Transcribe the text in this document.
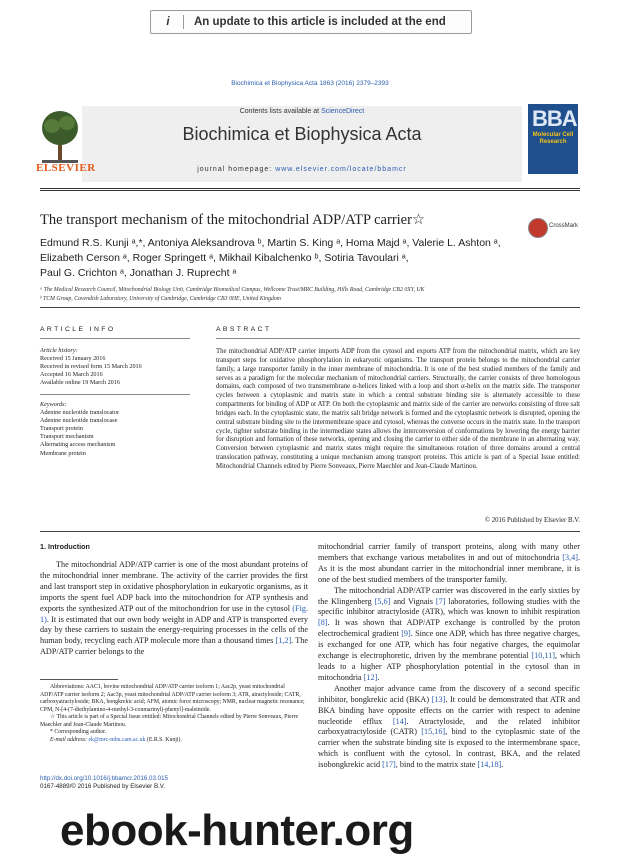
i	An update to this article is included at the end
Biochimica et Biophysica Acta 1863 (2016) 2379–2393
ELSEVIER
Contents lists available at ScienceDirect
Biochimica et Biophysica Acta
journal homepage: www.elsevier.com/locate/bbamcr
BBA
Molecular Cell Research
The transport mechanism of the mitochondrial ADP/ATP carrier☆	CrossMark
Edmund R.S. Kunji ᵃ,*, Antoniya Aleksandrova ᵇ, Martin S. King ᵃ, Homa Majd ᵃ, Valerie L. Ashton ᵃ,
Elizabeth Cerson ᵃ, Roger Springett ᵃ, Mikhail Kibalchenko ᵇ, Sotiria Tavoulari ᵃ,
Paul G. Crichton ᵃ, Jonathan J. Ruprecht ᵃ
ᵃ The Medical Research Council, Mitochondrial Biology Unit, Cambridge Biomedical Campus, Wellcome Trust/MRC Building, Hills Road, Cambridge CB2 0XY, UK
ᵇ TCM Group, Cavendish Laboratory, University of Cambridge, Cambridge CB3 0HE, United Kingdom
ARTICLE INFO
Article history:
Received 15 January 2016
Received in revised form 15 March 2016
Accepted 16 March 2016
Available online 19 March 2016
Keywords:
Adenine nucleotide translocator
Adenine nucleotide translocase
Transport protein
Transport mechanism
Alternating access mechanism
Membrane protein
ABSTRACT
The mitochondrial ADP/ATP carrier imports ADP from the cytosol and exports ATP from the mitochondrial matrix, which are key transport steps for oxidative phosphorylation in eukaryotic organisms. The transport protein belongs to the mitochondrial carrier family, a large transporter family in the inner membrane of mitochondria. It is one of the best studied members of the family and serves as a paradigm for the molecular mechanism of mitochondrial carriers. Structurally, the carrier consists of three homologous domains, each composed of two transmembrane α-helices linked with a loop and short α-helix on the matrix side. The transporter cycles between a cytoplasmic and matrix state in which a central substrate binding site is alternately accessible to these compartments for binding of ADP or ATP. On both the cytoplasmic and matrix side of the carrier are networks consisting of three salt bridges each. In the cytoplasmic state, the matrix salt bridge network is formed and the cytoplasmic network is disrupted, opening the central substrate binding site to the intermembrane space and cytosol, whereas the converse occurs in the matrix state. In the transport cycle, tighter substrate binding in the intermediate states allows the interconversion of conformations by lowering the energy barrier for disruption and formation of these networks, opening and closing the carrier to either side of the membrane in an alternating way. Conversion between cytoplasmic and matrix states might require the simultaneous rotation of three domains around a central translocation pathway, constituting a unique mechanism among transport proteins. This article is part of a Special Issue entitled: Mitochondrial Channels edited by Pierre Sonveaux, Pierre Maechler and Jean-Claude Martinou.
© 2016 Published by Elsevier B.V.
1. Introduction
The mitochondrial ADP/ATP carrier is one of the most abundant proteins of the mitochondrial inner membrane. The activity of the carrier provides the first and last transport step in oxidative phosphorylation in eukaryotic organisms, as it imports the spent fuel ADP back into the mitochondrion for ATP synthesis and exports the synthesized ATP out of the mitochondrion for use in the cytosol (Fig. 1). It is estimated that our own body weight in ADP and ATP is transported every day by these carriers to sustain the energy-requiring processes in the cells of the human body, recycling each ATP molecule more than a thousand times [1,2]. The ADP/ATP carrier belongs to the

mitochondrial carrier family of transport proteins, along with many other members that exchange various metabolites in and out of mitochondria [3,4]. As it is the most abundant carrier in the mitochondrial inner membrane, it is one of the best studied members of the transporter family.

The mitochondrial ADP/ATP carrier was discovered in the early sixties by the Klingenberg [5,6] and Vignais [7] laboratories, following studies with the specific inhibitor atractyloside (ATR), which was known to inhibit respiration [8]. It was shown that ADP/ATP exchange is controlled by the proton electrochemical gradient [9]. Since one ADP, which has three negative charges, is exchanged for one ATP, which has four negative charges, the equimolar exchange is electrophoretic, driven by the membrane potential [10,11], which leads to a higher ATP phosphorylation potential in the cytosol than in mitochondria [12].

Another major advance came from the discovery of a second specific inhibitor, bongkrekic acid (BKA) [13]. It could be demonstrated that ATR and BKA binding have opposite effects on the carrier with respect to adenine nucleotide efflux [14]. Atractyloside, and the related inhibitor carboxyatractyloside (CATR) [15,16], bind to the cytoplasmic state of the carrier when the substrate binding site is exposed to the intermembrane space, which is confluent with the cytosol. In contrast, BKA, and the related isobongkrekic acid [17], bind to the matrix state [14,18].

Abbreviations: AAC1, bovine mitochondrial ADP/ATP carrier isoform 1; Aac2p, yeast mitochondrial ADP/ATP carrier isoform 2; Aac3p, yeast mitochondrial ADP/ATP carrier isoform 3; ATR, atractyloside; CATR, carboxyatractyloside; BKA, bongkrekic acid; AFM, atomic force microscopy; NMR, nuclear magnetic resonance; CPM, N-[4-(7-diethylamino-4-methyl-3-coumarinyl)-phenyl]-maleimide.

☆ This article is part of a Special Issue entitled: Mitochondrial Channels edited by Pierre Sonveaux, Pierre Maechler and Jean-Claude Martinou.

* Corresponding author.

E-mail address: ek@mrc-mbu.cam.ac.uk (E.R.S. Kunji).

http://dx.doi.org/10.1016/j.bbamcr.2016.03.015
0167-4889/© 2016 Published by Elsevier B.V.
ebook-hunter.org
